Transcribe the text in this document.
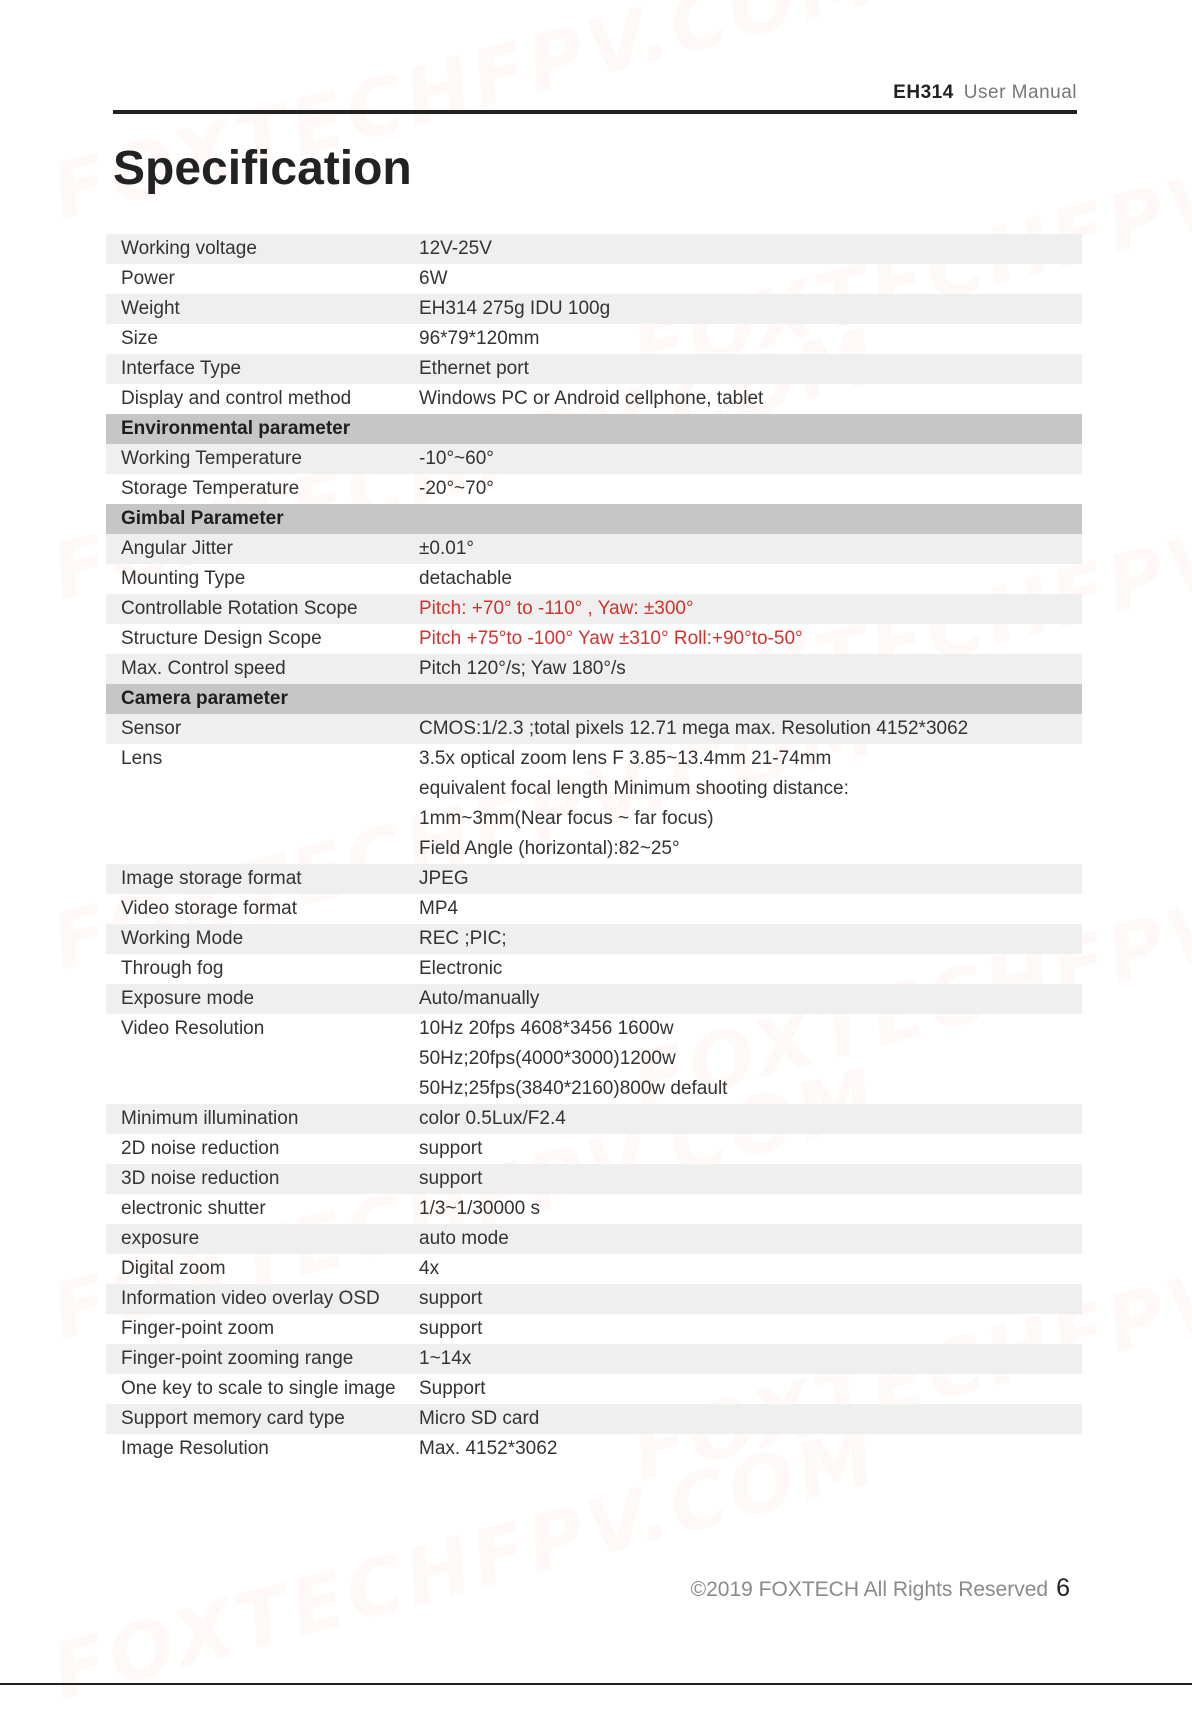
EH314 User Manual
Specification
Working voltage	12V-25V
Power	6W
Weight	EH314 275g IDU 100g
Size	96*79*120mm
Interface Type	Ethernet port
Display and control method	Windows PC or Android cellphone, tablet
Environmental parameter
Working Temperature	-10°~60°
Storage Temperature	-20°~70°
Gimbal Parameter
Angular Jitter	±0.01°
Mounting Type	detachable
Controllable Rotation Scope	Pitch: +70° to -110° , Yaw: ±300°
Structure Design Scope	Pitch +75°to -100° Yaw ±310° Roll:+90°to-50°
Max. Control speed	Pitch 120°/s; Yaw 180°/s
Camera parameter
Sensor	CMOS:1/2.3 ;total pixels 12.71 mega max. Resolution 4152*3062
Lens	3.5x optical zoom lens F 3.85~13.4mm 21-74mm
equivalent focal length Minimum shooting distance:
1mm~3mm(Near focus ~ far focus)
Field Angle (horizontal):82~25°
Image storage format	JPEG
Video storage format	MP4
Working Mode	REC ;PIC;
Through fog	Electronic
Exposure mode	Auto/manually
Video Resolution	10Hz 20fps 4608*3456 1600w
50Hz;20fps(4000*3000)1200w
50Hz;25fps(3840*2160)800w default
Minimum illumination	color 0.5Lux/F2.4
2D noise reduction	support
3D noise reduction	support
electronic shutter	1/3~1/30000 s
exposure	auto mode
Digital zoom	4x
Information video overlay OSD	support
Finger-point zoom	support
Finger-point zooming range	1~14x
One key to scale to single image	Support
Support memory card type	Micro SD card
Image Resolution	Max. 4152*3062
©2019 FOXTECH All Rights Reserved 6
